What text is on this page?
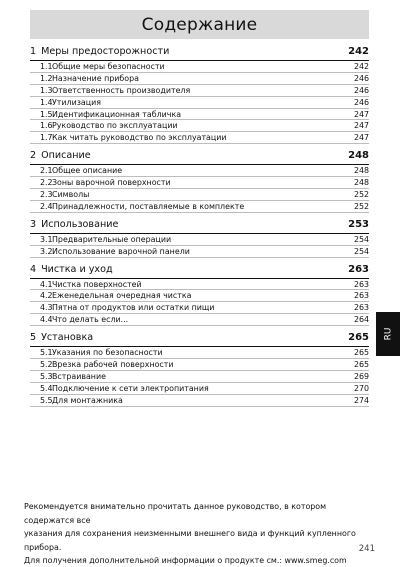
Содержание
1 Меры предосторожности	242
1.1Общие меры безопасности	242
1.2Назначение прибора	246
1.3Ответственность производителя	246
1.4Утилизация	246
1.5Идентификационная табличка	247
1.6Руководство по эксплуатации	247
1.7Как читать руководство по эксплуатации	247
2 Описание	248
2.1Общее описание	248
2.2Зоны варочной поверхности	248
2.3Символы	252
2.4Принадлежности, поставляемые в комплекте	252
3 Использование	253
3.1Предварительные операции	254
3.2Использование варочной панели	254
4 Чистка и уход	263
4.1Чистка поверхностей	263
4.2Еженедельная очередная чистка	263
4.3Пятна от продуктов или остатки пищи	263
4.4Что делать если...	264
5 Установка	265
5.1Указания по безопасности	265
5.2Врезка рабочей поверхности	265
5.3Встраивание	269
5.4Подключение к сети электропитания	270
5.5Для монтажника	274
RU
Рекомендуется внимательно прочитать данное руководство, в котором содержатся все
указания для сохранения неизменными внешнего вида и функций купленного прибора.
Для получения дополнительной информации о продукте см.: www.smeg.com
241
